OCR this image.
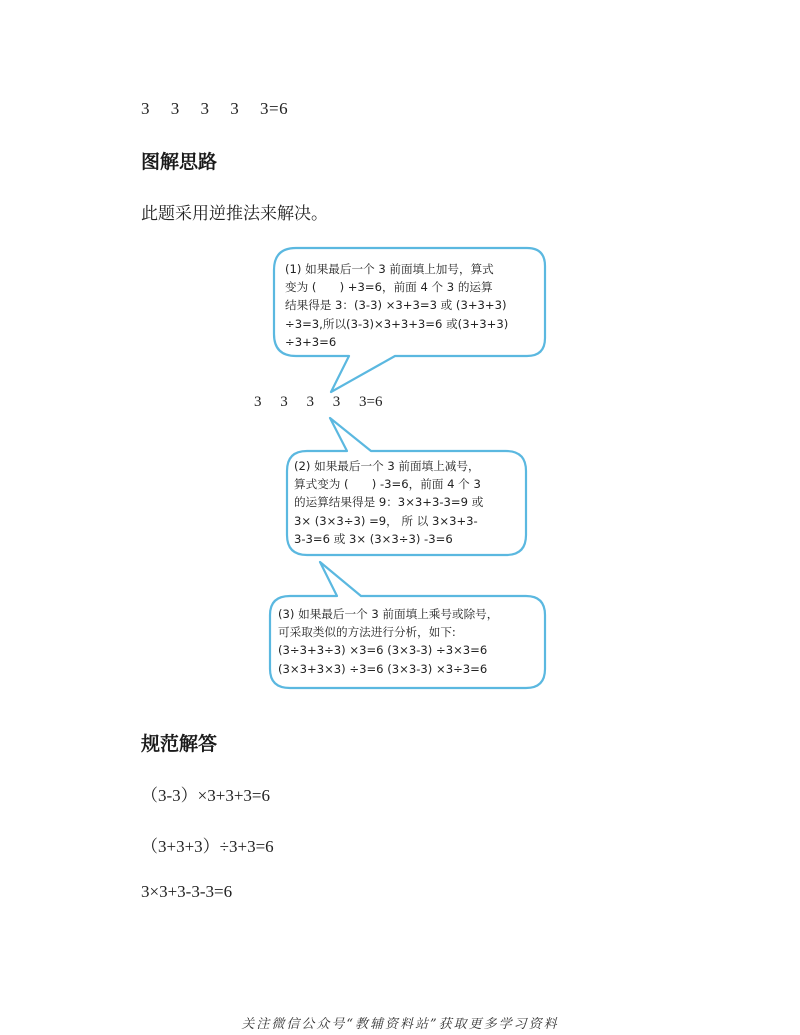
3 3 3 3 3=6
图解思路
此题采用逆推法来解决。
(1) 如果最后一个 3 前面填上加号，算式
变为 (　　) +3=6，前面 4 个 3 的运算
结果得是 3：(3-3) ×3+3=3 或 (3+3+3)
÷3=3,所以(3-3)×3+3+3=6 或(3+3+3)
÷3+3=6
3 3 3 3 3=6
(2) 如果最后一个 3 前面填上减号，
算式变为 (　　) -3=6，前面 4 个 3
的运算结果得是 9：3×3+3-3=9 或
3× (3×3÷3) =9， 所 以 3×3+3-
3-3=6 或 3× (3×3÷3) -3=6
(3) 如果最后一个 3 前面填上乘号或除号，
可采取类似的方法进行分析，如下:
(3÷3+3÷3) ×3=6 (3×3-3) ÷3×3=6
(3×3+3×3) ÷3=6 (3×3-3) ×3÷3=6
规范解答
（3-3）×3+3+3=6
（3+3+3）÷3+3=6
3×3+3-3-3=6
关注微信公众号“教辅资料站”获取更多学习资料
